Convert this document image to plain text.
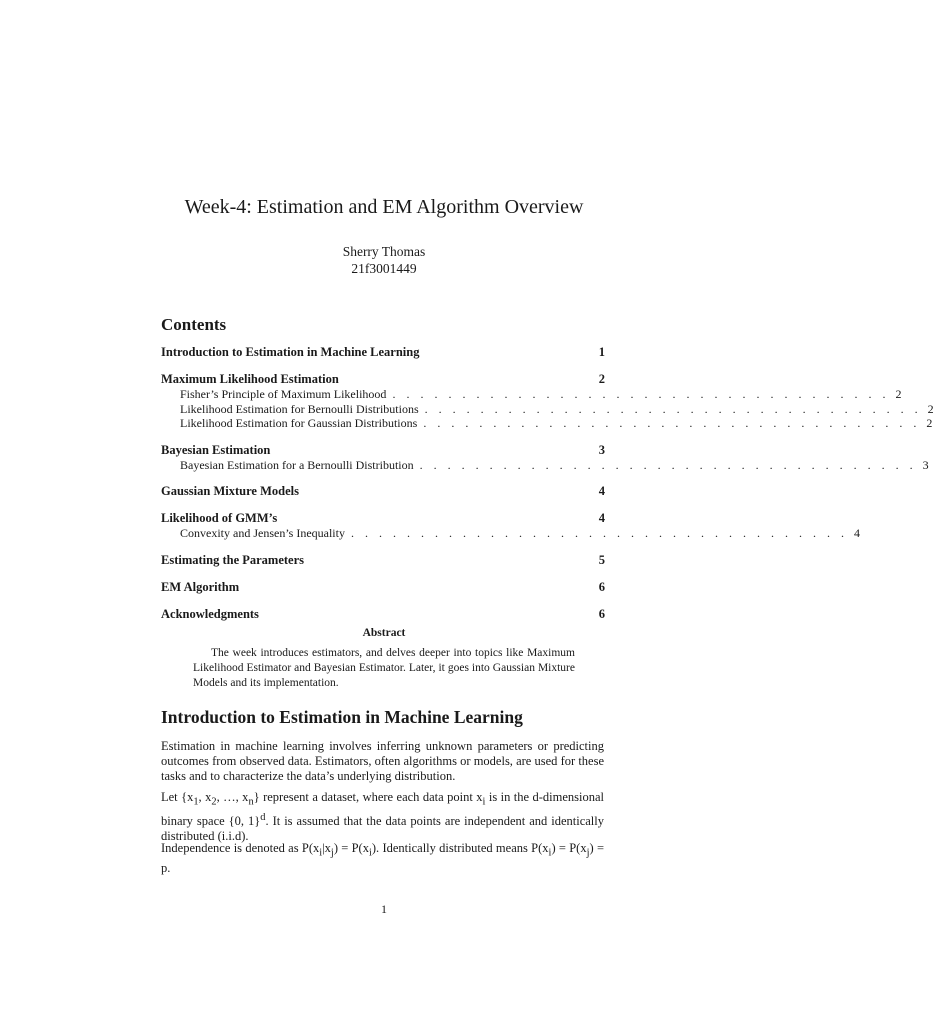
Week-4: Estimation and EM Algorithm Overview
Sherry Thomas
21f3001449
Contents
Introduction to Estimation in Machine Learning	1
Maximum Likelihood Estimation	2
Fisher’s Principle of Maximum Likelihood . . . . . . . . . . . . . . . . . . . . . . . . . . . . . . . . . . . . 2
Likelihood Estimation for Bernoulli Distributions . . . . . . . . . . . . . . . . . . . . . . . . . . . . . . . . . . . . 2
Likelihood Estimation for Gaussian Distributions . . . . . . . . . . . . . . . . . . . . . . . . . . . . . . . . . . . . 2
Bayesian Estimation	3
Bayesian Estimation for a Bernoulli Distribution . . . . . . . . . . . . . . . . . . . . . . . . . . . . . . . . . . . . 3
Gaussian Mixture Models	4
Likelihood of GMM’s	4
Convexity and Jensen’s Inequality . . . . . . . . . . . . . . . . . . . . . . . . . . . . . . . . . . . . 4
Estimating the Parameters	5
EM Algorithm	6
Acknowledgments	6
Abstract
The week introduces estimators, and delves deeper into topics like Maximum Likelihood Estimator and Bayesian Estimator. Later, it goes into Gaussian Mixture Models and its implementation.
Introduction to Estimation in Machine Learning
Estimation in machine learning involves inferring unknown parameters or predicting outcomes from observed data. Estimators, often algorithms or models, are used for these tasks and to characterize the data’s underlying distribution.
Let {$x_1$, $x_2$, …, $x_n$} represent a dataset, where each data point $x_i$ is in the d-dimensional binary space {0, 1}$^d$. It is assumed that the data points are independent and identically distributed (i.i.d).
Independence is denoted as $P(x_i|x_j) = P(x_i)$. Identically distributed means $P(x_i) = P(x_j) = p$.
1
